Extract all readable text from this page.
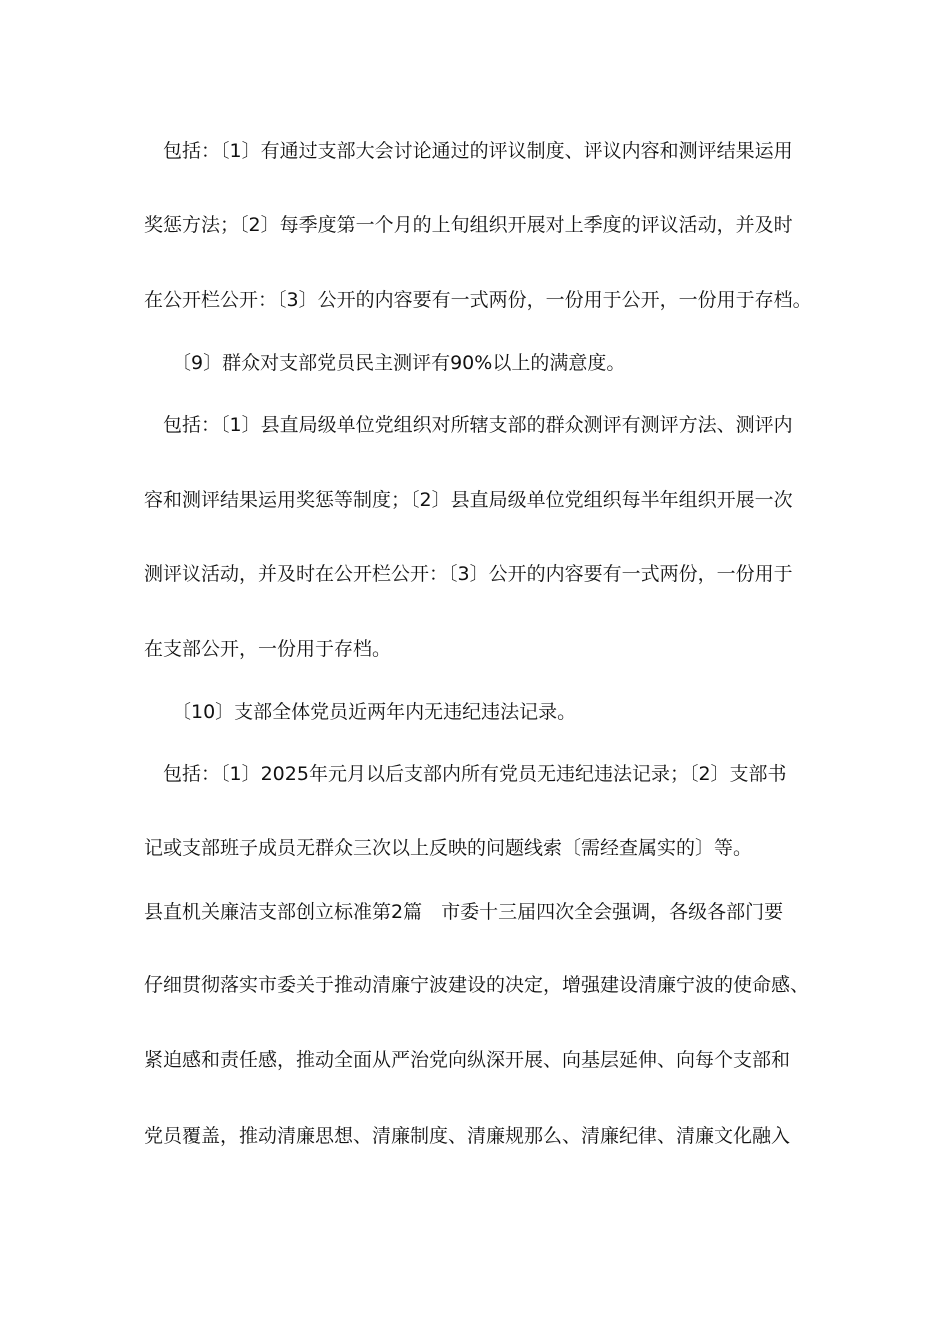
包括：〔1〕有通过支部大会讨论通过的评议制度、评议内容和测评结果运用
奖惩方法；〔2〕每季度第一个月的上旬组织开展对上季度的评议活动，并及时
在公开栏公开：〔3〕公开的内容要有一式两份，一份用于公开，一份用于存档。
〔9〕群众对支部党员民主测评有90%以上的满意度。
包括：〔1〕县直局级单位党组织对所辖支部的群众测评有测评方法、测评内
容和测评结果运用奖惩等制度；〔2〕县直局级单位党组织每半年组织开展一次
测评议活动，并及时在公开栏公开：〔3〕公开的内容要有一式两份，一份用于
在支部公开，一份用于存档。
〔10〕支部全体党员近两年内无违纪违法记录。
包括：〔1〕2025年元月以后支部内所有党员无违纪违法记录；〔2〕支部书
记或支部班子成员无群众三次以上反映的问题线索〔需经查属实的〕等。
县直机关廉洁支部创立标准第2篇　市委十三届四次全会强调，各级各部门要
仔细贯彻落实市委关于推动清廉宁波建设的决定，增强建设清廉宁波的使命感、
紧迫感和责任感，推动全面从严治党向纵深开展、向基层延伸、向每个支部和
党员覆盖，推动清廉思想、清廉制度、清廉规那么、清廉纪律、清廉文化融入
